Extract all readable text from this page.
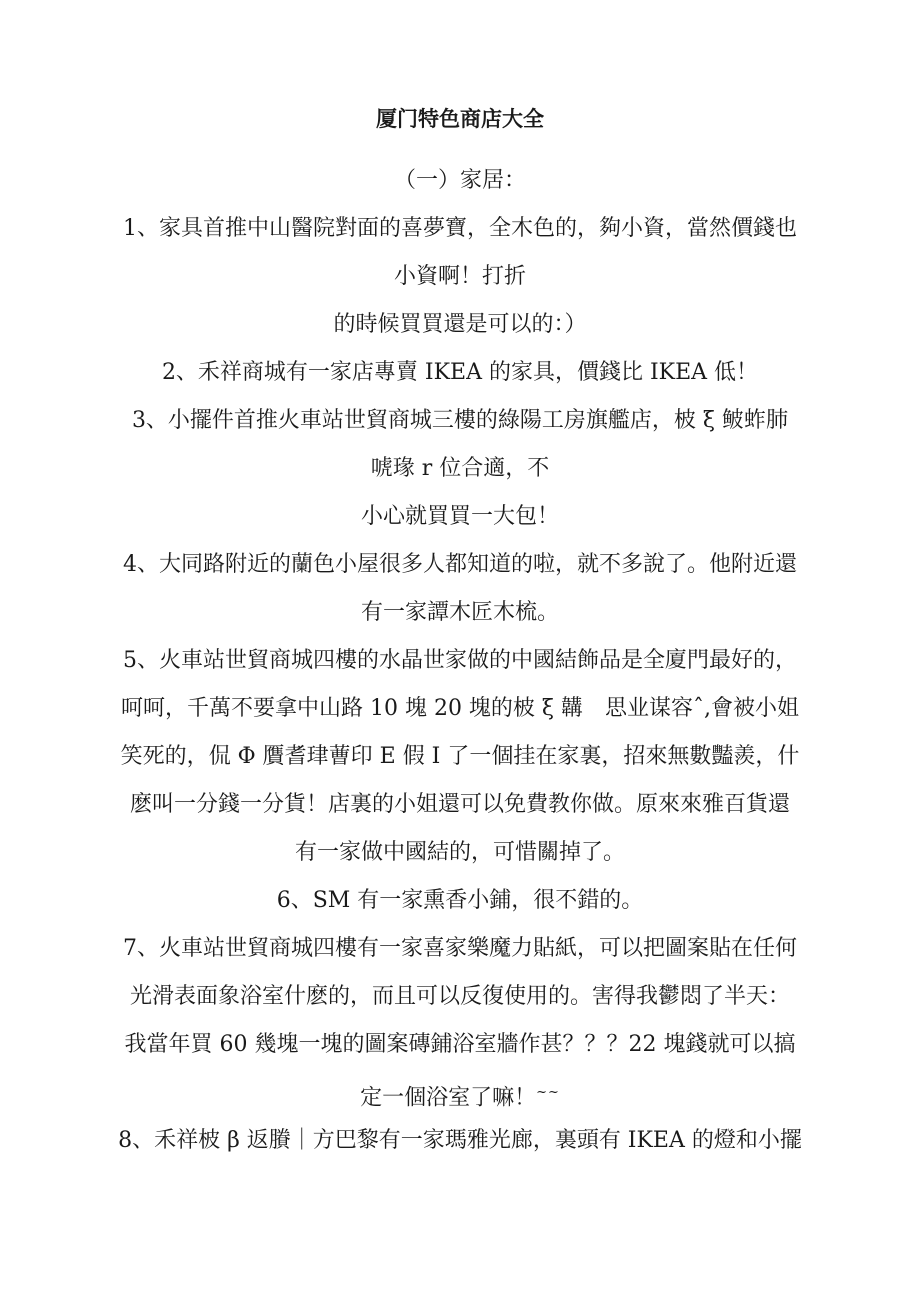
厦门特色商店大全
（一）家居：
1、家具首推中山醫院對面的喜夢寶，全木色的，夠小資，當然價錢也
小資啊！打折
的時候買買還是可以的：）
2、禾祥商城有一家店專賣 IKEA 的家具，價錢比 IKEA 低！
3、小擺件首推火車站世貿商城三樓的綠陽工房旗艦店，柀 ξ 鲏蚱肺
唬瑑 r 位合適，不
小心就買買一大包！
4、大同路附近的蘭色小屋很多人都知道的啦，就不多說了。他附近還
有一家譚木匠木梳。
5、火車站世貿商城四樓的水晶世家做的中國結飾品是全廈門最好的，
呵呵，千萬不要拿中山路 10 塊 20 塊的柀 ξ 韝　思业谋容ˆ,會被小姐
笑死的，侃 Φ 贋耆珒蓸印 E 假 I 了一個挂在家裏，招來無數豔羨，什
麽叫一分錢一分貨！店裏的小姐還可以免費教你做。原來來雅百貨還
有一家做中國結的，可惜關掉了。
6、SM 有一家熏香小鋪，很不錯的。
7、火車站世貿商城四樓有一家喜家樂魔力貼紙，可以把圖案貼在任何
光滑表面象浴室什麽的，而且可以反復使用的。害得我鬱悶了半天：
我當年買 60 幾塊一塊的圖案磚鋪浴室牆作甚？？？22 塊錢就可以搞
定一個浴室了嘛！~~
8、禾祥柀 β 返賸｜方巴黎有一家瑪雅光廊，裏頭有 IKEA 的燈和小擺
